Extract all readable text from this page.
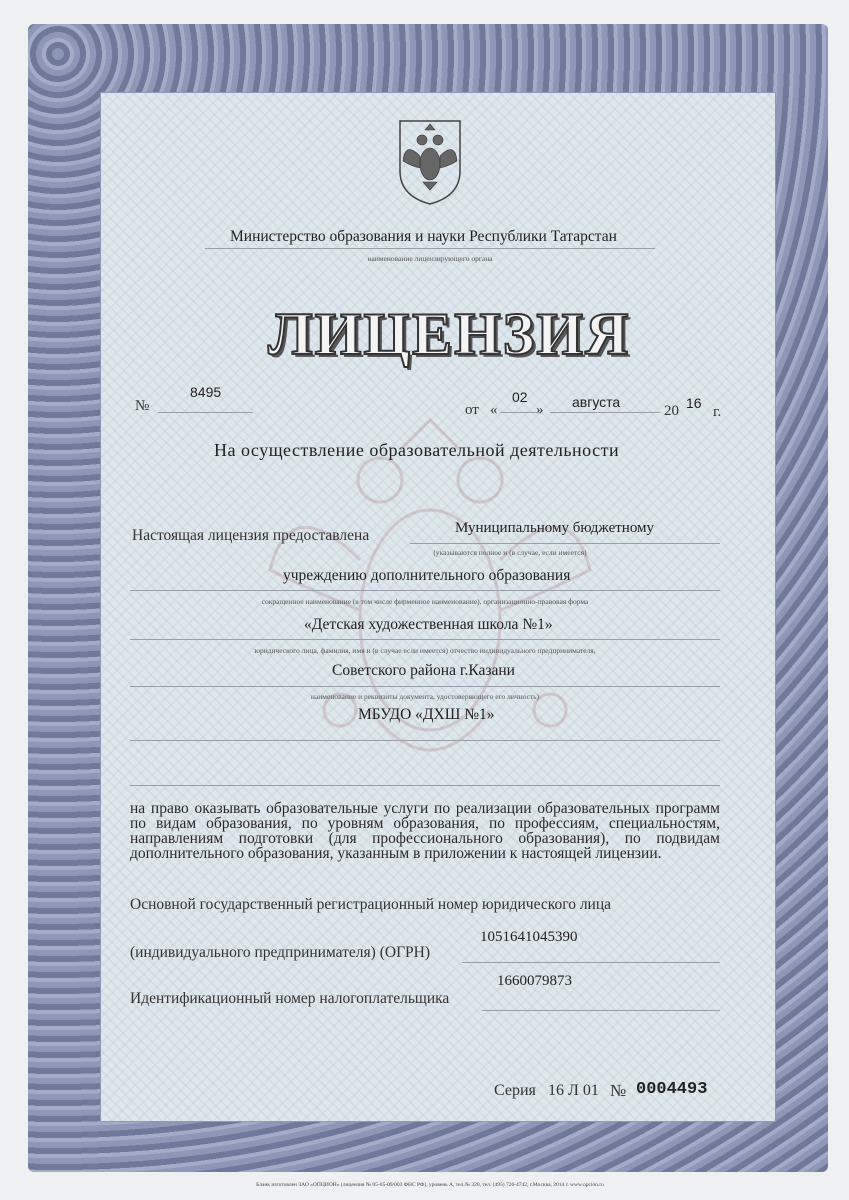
Министерство образования и науки Республики Татарстан
наименование лицензирующего органа
ЛИЦЕНЗИЯ
№
8495
от «
02
» августа
20 16
г.
На осуществление образовательной деятельности
Настоящая лицензия предоставлена	Муниципальному бюджетному
(указываются полное и (в случае, если имеется)
учреждению дополнительного образования
сокращенное наименование (в том числе фирменное наименование), организационно-правовая форма
«Детская художественная школа №1»
юридического лица, фамилия, имя и (в случае если имеется) отчество индивидуального предпринимателя,
Советского района г.Казани
наименование и реквизиты документа, удостоверяющего его личность)
МБУДО «ДХШ №1»
на право оказывать образовательные услуги по реализации образовательных программ по видам образования, по уровням образования, по профессиям, специальностям, направлениям подготовки (для профессионального образования), по подвидам дополнительного образования, указанным в приложении к настоящей лицензии.
Основной государственный регистрационный номер юридического лица
(индивидуального предпринимателя) (ОГРН)
1051641045390
Идентификационный номер налогоплательщика
1660079873
Серия 16 Л 01 № 0004493
Бланк изготовлен ЗАО «ОПЦИОН» (лицензия № 05-05-09/003 ФНС РФ), уровень А, тел.№ 320, тел. (495) 726-4742, г.Москва, 2014 г. www.opcion.ru
